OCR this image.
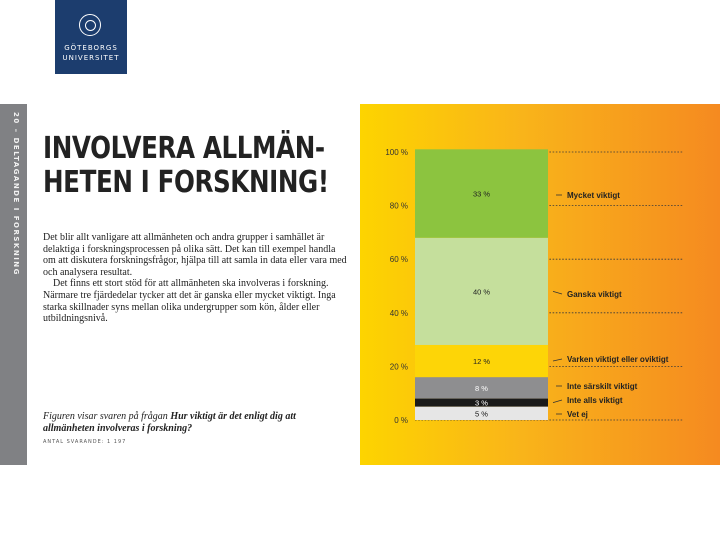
GÖTEBORGS
UNIVERSITET
20 – DELTAGANDE I FORSKNING INVOLVERA ALLMÄN-
HETEN I FORSKNING!

Det blir allt vanligare att allmänheten och andra grupper i samhället är delaktiga i forskningsprocessen på olika sätt. Det kan till exempel handla om att diskutera forskningsfrågor, hjälpa till att samla in data eller vara med och analysera resultat.

Det finns ett stort stöd för att allmänheten ska involveras i forskning. Närmare tre fjärdedelar tycker att det är ganska eller mycket viktigt. Inga starka skillnader syns mellan olika undergrupper som kön, ålder eller utbildningsnivå.

Figuren visar svaren på frågan Hur viktigt är det enligt dig att allmänheten involveras i forskning?
ANTAL SVARANDE: 1 197
0 %
20 %
40 %
60 %
80 %
100 %
5 %
3 %
8 %
12 %
40 %
33 %
Vet ej
Inte alls viktigt
Inte särskilt viktigt
Varken viktigt eller oviktigt
Ganska viktigt
Mycket viktigt
